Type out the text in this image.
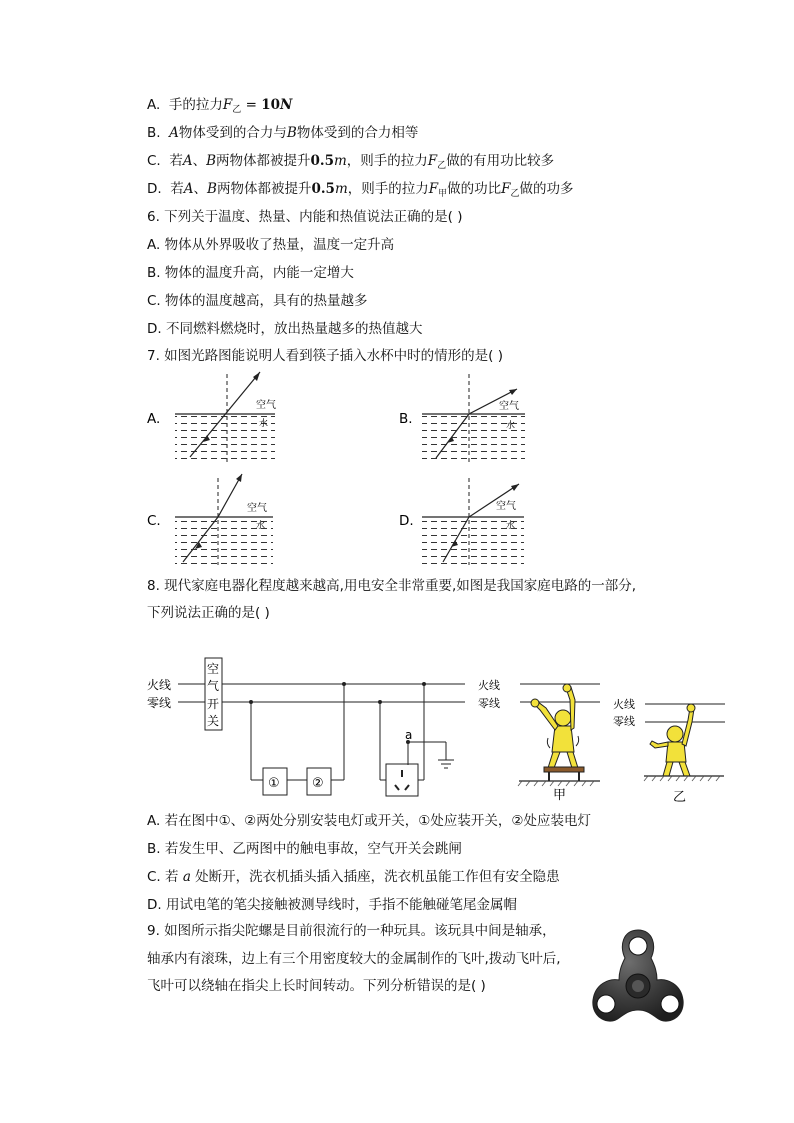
A. 手的拉力$F_乙 = 10N$
B. A物体受到的合力与B物体受到的合力相等
C. 若A、B两物体都被提升0.5m，则手的拉力$F_乙$做的有用功比较多
D. 若A、B两物体都被提升0.5m，则手的拉力$F_甲$做的功比$F_乙$做的功多
6. 下列关于温度、热量、内能和热值说法正确的是( )
A. 物体从外界吸收了热量，温度一定升高
B. 物体的温度升高，内能一定增大
C. 物体的温度越高，具有的热量越多
D. 不同燃料燃烧时，放出热量越多的热值越大
7. 如图光路图能说明人看到筷子插入水杯中时的情形的是( )
A.
空气
水	B.
空气
水
C.
空气
水	D.
空气
水
8. 现代家庭电器化程度越来越高,用电安全非常重要,如图是我国家庭电路的一部分,
下列说法正确的是( )
火线
零线
空
气
开
关
① ②
a
火线
零线
甲
火线
零线
乙
A. 若在图中①、②两处分别安装电灯或开关，①处应装开关，②处应装电灯
B. 若发生甲、乙两图中的触电事故，空气开关会跳闸
C. 若 a 处断开，洗衣机插头插入插座，洗衣机虽能工作但有安全隐患
D. 用试电笔的笔尖接触被测导线时，手指不能触碰笔尾金属帽
9. 如图所示指尖陀螺是目前很流行的一种玩具。该玩具中间是轴承，
轴承内有滚珠，边上有三个用密度较大的金属制作的飞叶,拨动飞叶后,
飞叶可以绕轴在指尖上长时间转动。下列分析错误的是( )
